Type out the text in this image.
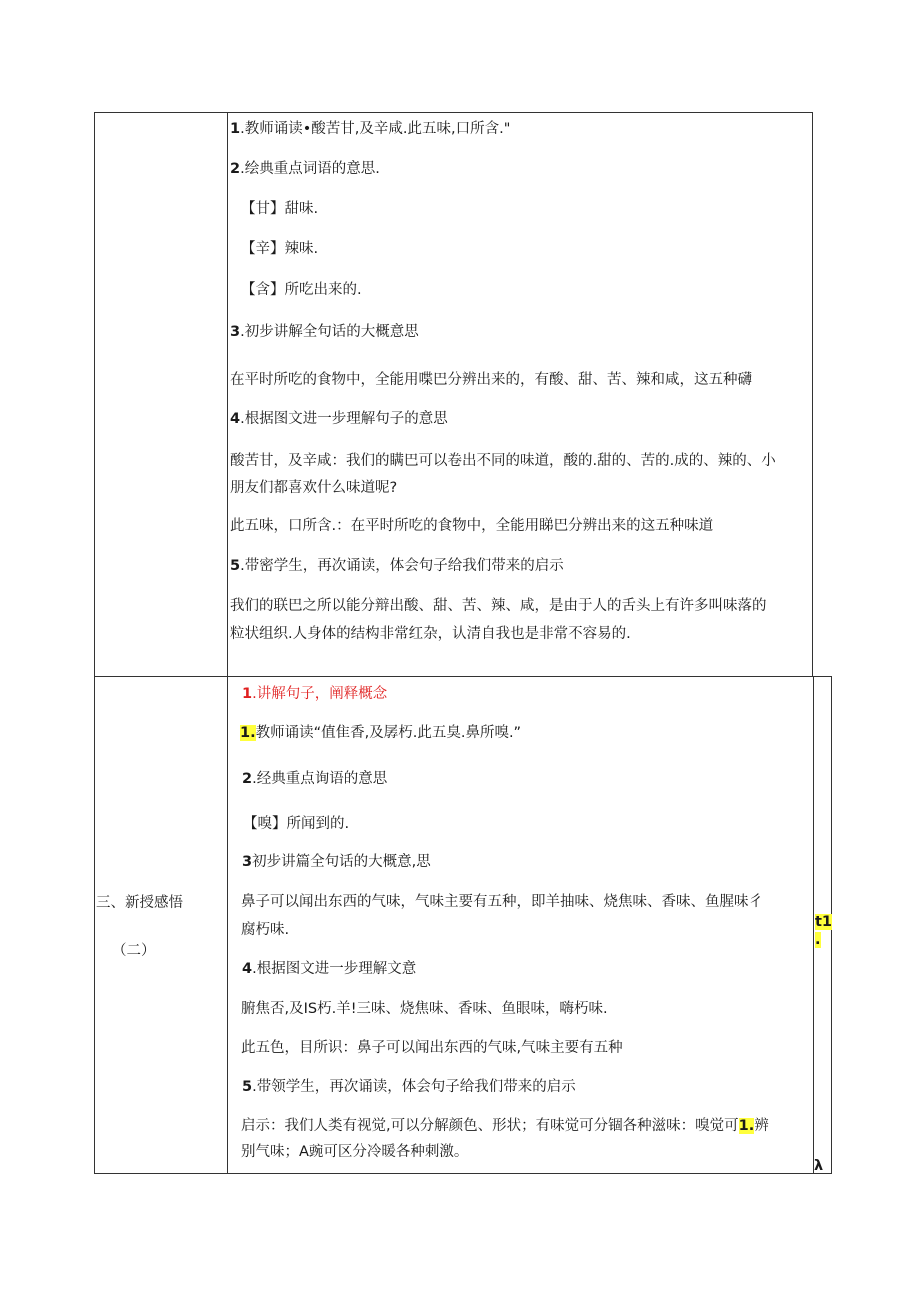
1.教师诵读•酸苦甘,及辛咸.此五味,口所含."
2.绘典重点词语的意思.
【甘】甜味.
【辛】辣味.
【含】所吃出来的.
3.初步讲解全句话的大概意思
在平时所吃的食物中，全能用喋巴分辨出来的，有酸、甜、苦、辣和咸，这五种礴
4.根据图文进一步理解句子的意思
酸苦甘，及辛咸：我们的瞒巴可以卷出不同的味道，酸的.甜的、苦的.成的、辣的、小
朋友们都喜欢什么味道呢?
此五味，口所含.：在平时所吃的食物中，全能用睇巴分辨出来的这五种味道
5.带密学生，再次诵读，体会句子给我们带来的启示
我们的联巴之所以能分辩出酸、甜、苦、辣、咸，是由于人的舌头上有许多叫味落的
粒状组织.人身体的结构非常红杂，认清自我也是非常不容易的.
三、新授感悟
（二）
1.讲解句子，阐释概念
1.教师诵读“值隹香,及孱朽.此五臭.鼻所嗅.”
2.经典重点询语的意思
【嗅】所闻到的.
3初步讲篇全句话的大概意,思
鼻子可以闻出东西的气味，气味主要有五种，即羊抽味、烧焦味、香味、鱼腥味彳
腐朽味.
4.根据图文进一步理解文意
腑焦否,及IS朽.羊!三味、烧焦味、香味、鱼眼味，嗨朽味.
此五色，目所识：鼻子可以闻出东西的气味,气味主要有五种
5.带领学生，再次诵读，体会句子给我们带来的启示
启示：我们人类有视觉,可以分解颜色、形状；有味觉可分锢各种滋味：嗅觉可1.辨
别气味；A豌可区分冷暖各种刺激。
t1
.
λ
